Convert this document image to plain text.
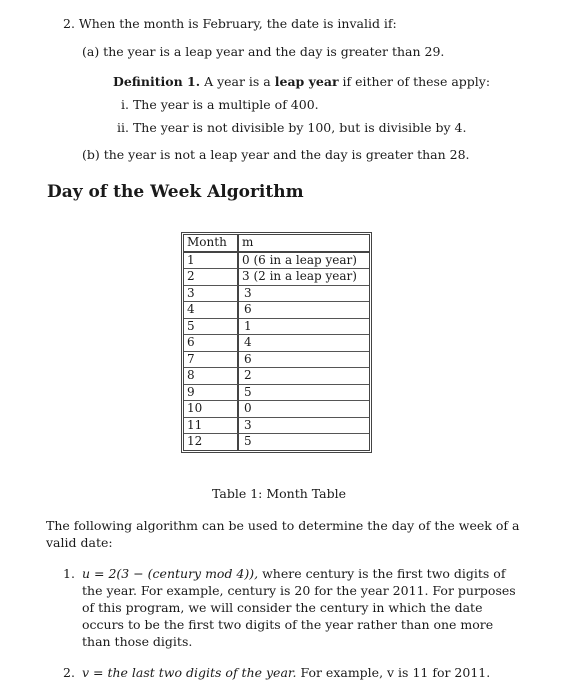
2. When the month is February, the date is invalid if:
(a) the year is a leap year and the day is greater than 29.
Definition 1. A year is a leap year if either of these apply:
i. The year is a multiple of 400.
ii. The year is not divisible by 100, but is divisible by 4.
(b) the year is not a leap year and the day is greater than 28.
Day of the Week Algorithm
Month	m
1	0 (6 in a leap year)
2	3 (2 in a leap year)
3	3
4	6
5	1
6	4
7	6
8	2
9	5
10	0
11	3
12	5
Table 1: Month Table
The following algorithm can be used to determine the day of the week of a valid date:
1. u = 2(3 − (century mod 4)), where century is the first two digits of the year. For example, century is 20 for the year 2011. For purposes of this program, we will consider the century in which the date occurs to be the first two digits of the year rather than one more than those digits.
2. v = the last two digits of the year. For example, v is 11 for 2011.
